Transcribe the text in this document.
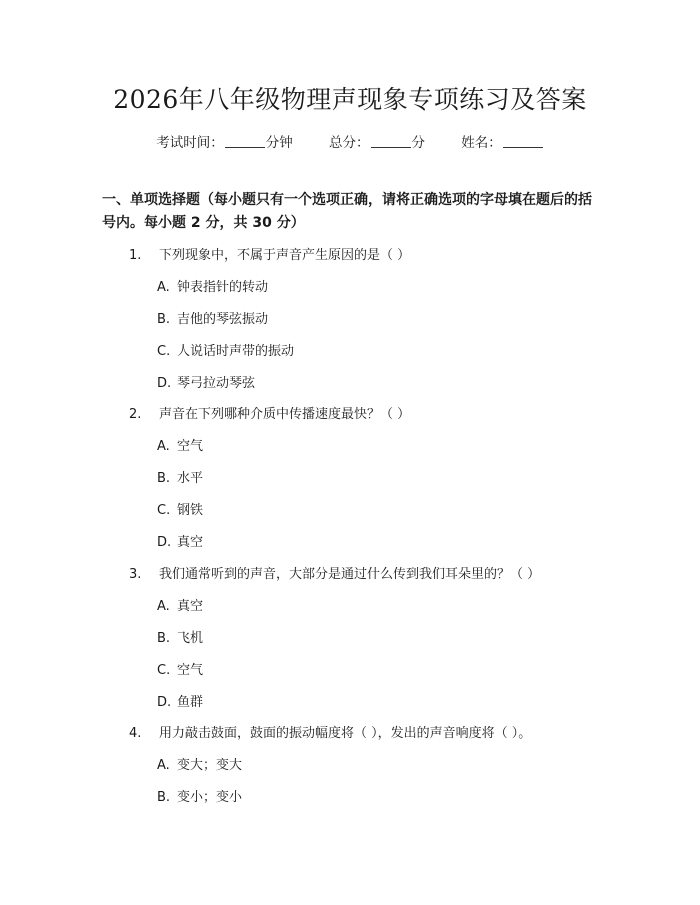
2026年八年级物理声现象专项练习及答案
考试时间：	分钟	总分：	分	姓名：
一、单项选择题（每小题只有一个选项正确，请将正确选项的字母填在题后的括号内。每小题 2 分，共 30 分）
1. 下列现象中，不属于声音产生原因的是（ ）
A. 钟表指针的转动
B. 吉他的琴弦振动
C. 人说话时声带的振动
D. 琴弓拉动琴弦
2. 声音在下列哪种介质中传播速度最快？（ ）
A. 空气
B. 水平
C. 钢铁
D. 真空
3. 我们通常听到的声音，大部分是通过什么传到我们耳朵里的？（ ）
A. 真空
B. 飞机
C. 空气
D. 鱼群
4. 用力敲击鼓面，鼓面的振动幅度将（ ），发出的声音响度将（ ）。
A. 变大；变大
B. 变小；变小
